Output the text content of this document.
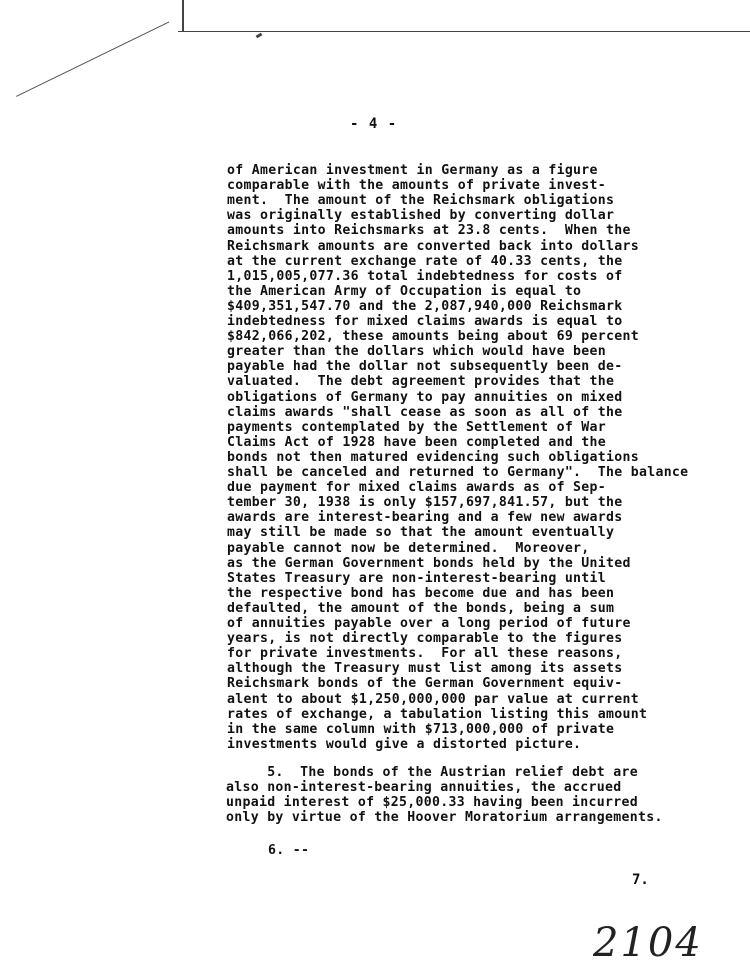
- 4 -
of American investment in Germany as a figure
comparable with the amounts of private invest-
ment.  The amount of the Reichsmark obligations
was originally established by converting dollar
amounts into Reichsmarks at 23.8 cents.  When the
Reichsmark amounts are converted back into dollars
at the current exchange rate of 40.33 cents, the
1,015,005,077.36 total indebtedness for costs of
the American Army of Occupation is equal to
$409,351,547.70 and the 2,087,940,000 Reichsmark
indebtedness for mixed claims awards is equal to
$842,066,202, these amounts being about 69 percent
greater than the dollars which would have been
payable had the dollar not subsequently been de-
valuated.  The debt agreement provides that the
obligations of Germany to pay annuities on mixed
claims awards "shall cease as soon as all of the
payments contemplated by the Settlement of War
Claims Act of 1928 have been completed and the
bonds not then matured evidencing such obligations
shall be canceled and returned to Germany".  The balance
due payment for mixed claims awards as of Sep-
tember 30, 1938 is only $157,697,841.57, but the
awards are interest-bearing and a few new awards
may still be made so that the amount eventually
payable cannot now be determined.  Moreover,
as the German Government bonds held by the United
States Treasury are non-interest-bearing until
the respective bond has become due and has been
defaulted, the amount of the bonds, being a sum
of annuities payable over a long period of future
years, is not directly comparable to the figures
for private investments.  For all these reasons,
although the Treasury must list among its assets
Reichsmark bonds of the German Government equiv-
alent to about $1,250,000,000 par value at current
rates of exchange, a tabulation listing this amount
in the same column with $713,000,000 of private
investments would give a distorted picture.
5.  The bonds of the Austrian relief debt are
also non-interest-bearing annuities, the accrued
unpaid interest of $25,000.33 having been incurred
only by virtue of the Hoover Moratorium arrangements.
6. --
7.
2104
